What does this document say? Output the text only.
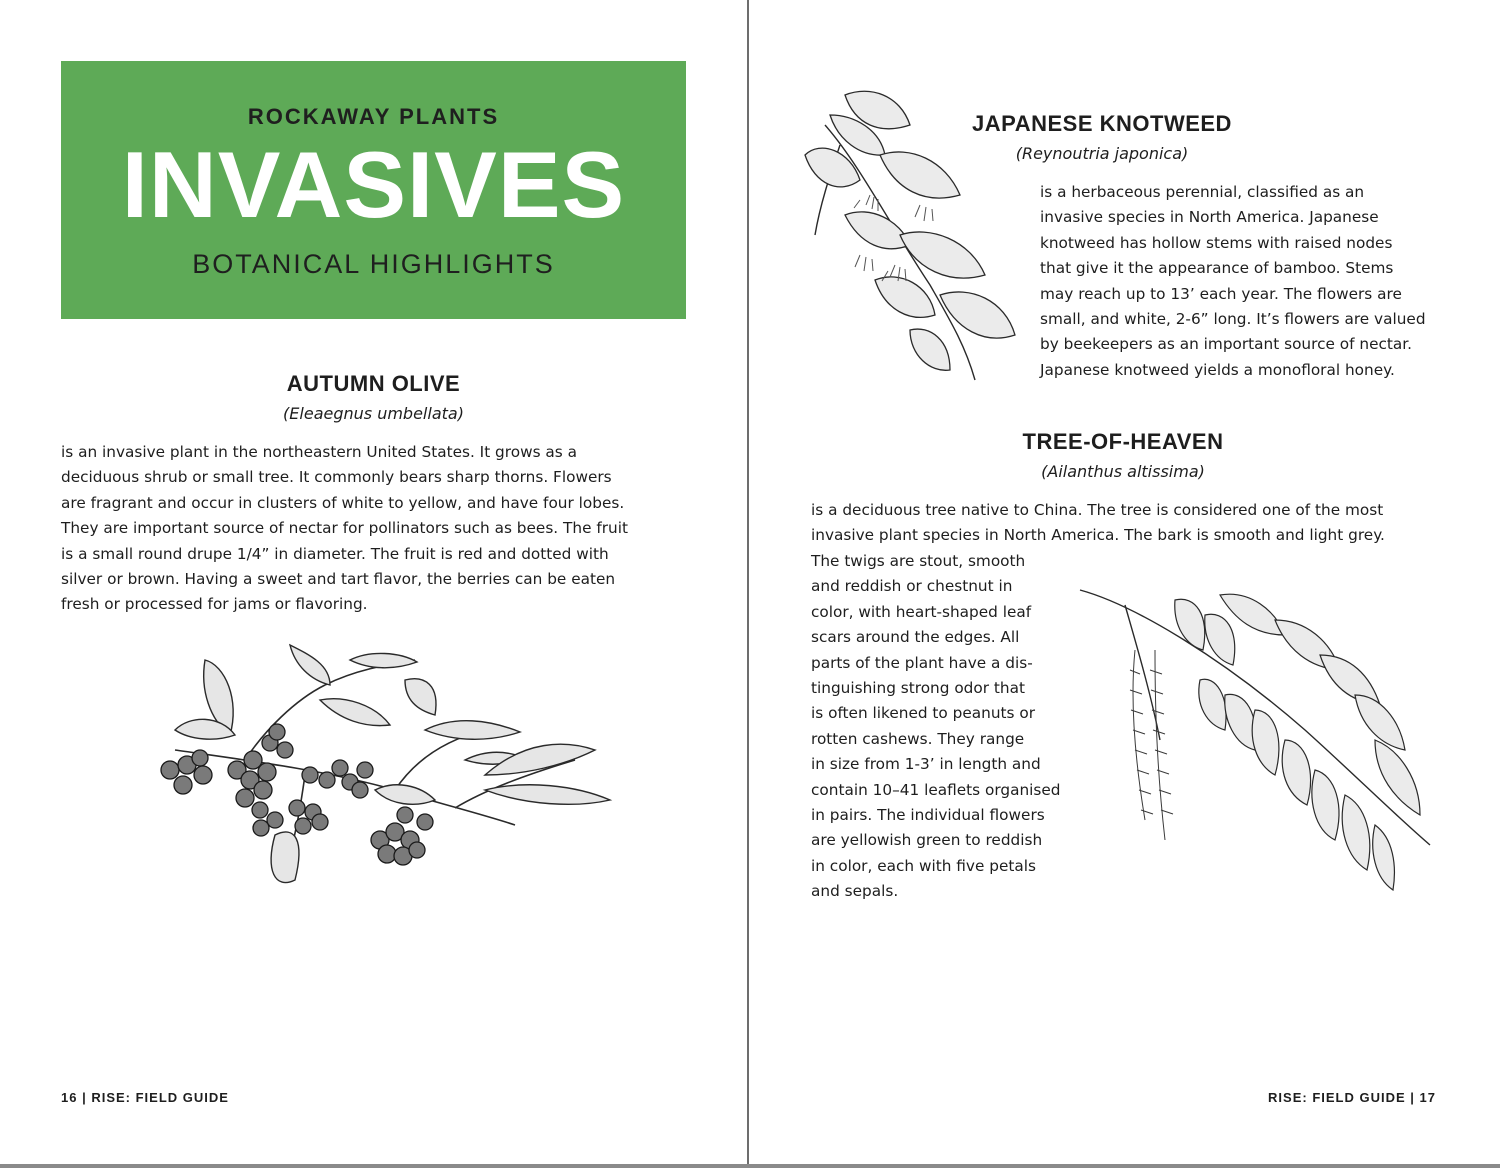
ROCKAWAY PLANTS
INVASIVES
BOTANICAL HIGHLIGHTS
AUTUMN OLIVE
(Eleaegnus umbellata)
is an invasive plant in the northeastern United States. It grows as a
deciduous shrub or small tree. It commonly bears sharp thorns. Flowers
are fragrant and occur in clusters of white to yellow, and have four lobes.
They are important source of nectar for pollinators such as bees. The fruit
is a small round drupe 1/4” in diameter. The fruit is red and dotted with
silver or brown. Having a sweet and tart flavor, the berries can be eaten
fresh or processed for jams or flavoring.
JAPANESE KNOTWEED
(Reynoutria japonica)
is a herbaceous perennial, classified as an
invasive species in North America. Japanese
knotweed has hollow stems with raised nodes
that give it the appearance of bamboo. Stems
may reach up to 13’ each year. The flowers are
small, and white, 2-6” long. It’s flowers are valued
by beekeepers as an important source of nectar.
Japanese knotweed yields a monofloral honey.
TREE-OF-HEAVEN
(Ailanthus altissima)
is a deciduous tree native to China. The tree is considered one of the most
invasive plant species in North America. The bark is smooth and light grey.
The twigs are stout, smooth
and reddish or chestnut in
color, with heart-shaped leaf
scars around the edges. All
parts of the plant have a dis-
tinguishing strong odor that
is often likened to peanuts or
rotten cashews. They range
in size from 1-3’ in length and
contain 10–41 leaflets organised
in pairs. The individual flowers
are yellowish green to reddish
in color, each with five petals
and sepals.
16 | RISE: FIELD GUIDE	RISE: FIELD GUIDE | 17
